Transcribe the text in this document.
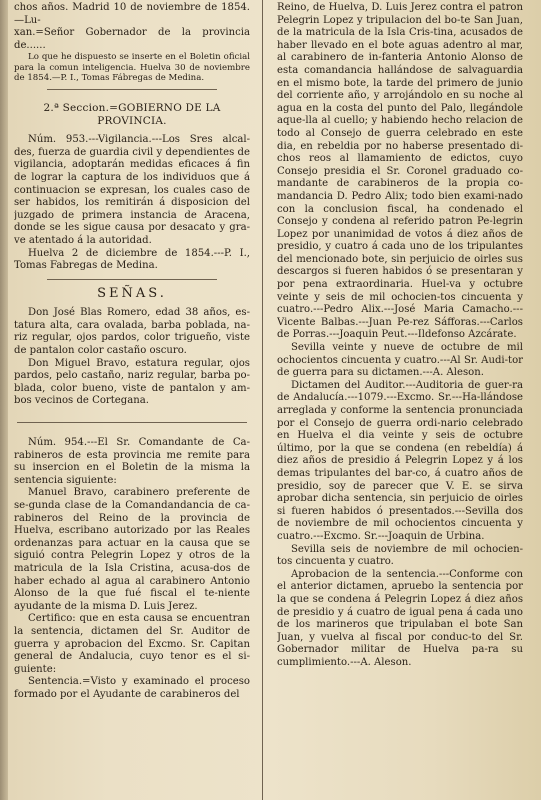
chos años. Madrid 10 de noviembre de 1854.—Lu-

xan.=Señor Gobernador de la provincia de......

Lo que he dispuesto se inserte en el Boletin oficial para la comun inteligencia. Huelva 30 de noviembre de 1854.—P. I., Tomas Fábregas de Medina.

2.ª Seccion.=GOBIERNO DE LA PROVINCIA.

Núm. 953.---Vigilancia.---Los Sres alcal-des, fuerza de guardia civil y dependientes de vigilancia, adoptarán medidas eficaces á fin de lograr la captura de los individuos que á continuacion se expresan, los cuales caso de ser habidos, los remitirán á disposicion del juzgado de primera instancia de Aracena, donde se les sigue causa por desacato y gra-ve atentado á la autoridad.

Huelva 2 de diciembre de 1854.---P. I., Tomas Fabregas de Medina.

SEÑAS.

Don José Blas Romero, edad 38 años, es-tatura alta, cara ovalada, barba poblada, na-riz regular, ojos pardos, color trigueño, viste de pantalon color castaño oscuro.

Don Miguel Bravo, estatura regular, ojos pardos, pelo castaño, nariz regular, barba po-blada, color bueno, viste de pantalon y am-bos vecinos de Cortegana.

Núm. 954.---El Sr. Comandante de Ca-rabineros de esta provincia me remite para su insercion en el Boletin de la misma la sentencia siguiente:

Manuel Bravo, carabinero preferente de se-gunda clase de la Comandandancia de ca-rabineros del Reino de la provincia de Huelva, escribano autorizado por las Reales ordenanzas para actuar en la causa que se siguió contra Pelegrin Lopez y otros de la matricula de la Isla Cristina, acusa-dos de haber echado al agua al carabinero Antonio Alonso de la que fué fiscal el te-niente ayudante de la misma D. Luis Jerez.

Certifico: que en esta causa se encuentran la sentencia, dictamen del Sr. Auditor de guerra y aprobacion del Excmo. Sr. Capitan general de Andalucia, cuyo tenor es el si-guiente:

Sentencia.=Visto y examinado el proceso formado por el Ayudante de carabineros del

Reino, de Huelva, D. Luis Jerez contra el patron Pelegrin Lopez y tripulacion del bo-te San Juan, de la matricula de la Isla Cris-tina, acusados de haber llevado en el bote aguas adentro al mar, al carabinero de in-fanteria Antonio Alonso de esta comandancia hallándose de salvaguardia en el mismo bote, la tarde del primero de junio del corriente año, y arrojándolo en su noche al agua en la costa del punto del Palo, llegándole aque-lla al cuello; y habiendo hecho relacion de todo al Consejo de guerra celebrado en este dia, en rebeldia por no haberse presentado di-chos reos al llamamiento de edictos, cuyo Consejo presidia el Sr. Coronel graduado co-mandante de carabineros de la propia co-mandancia D. Pedro Alix; todo bien exami-nado con la conclusion fiscal, ha condenado el Consejo y condena al referido patron Pe-legrin Lopez por unanimidad de votos á diez años de presidio, y cuatro á cada uno de los tripulantes del mencionado bote, sin perjuicio de oirles sus descargos si fueren habidos ó se presentaran y por pena extraordinaria. Huel-va y octubre veinte y seis de mil ochocien-tos cincuenta y cuatro.---Pedro Alix.---José Maria Camacho.---Vicente Balbas.---Juan Pe-rez Sáfforas.---Carlos de Porras.---Joaquin Peut.---Ildefonso Azcárate.

Sevilla veinte y nueve de octubre de mil ochocientos cincuenta y cuatro.---Al Sr. Audi-tor de guerra para su dictamen.---A. Aleson.

Dictamen del Auditor.---Auditoria de guer-ra de Andalucía.---1079.---Excmo. Sr.---Ha-llándose arreglada y conforme la sentencia pronunciada por el Consejo de guerra ordi-nario celebrado en Huelva el dia veinte y seis de octubre último, por la que se condena (en rebeldía) á diez años de presidio á Pelegrin Lopez y á los demas tripulantes del bar-co, á cuatro años de presidio, soy de parecer que V. E. se sirva aprobar dicha sentencia, sin perjuicio de oirles si fueren habidos ó presentados.---Sevilla dos de noviembre de mil ochocientos cincuenta y cuatro.---Excmo. Sr.---Joaquin de Urbina.

Sevilla seis de noviembre de mil ochocien-tos cincuenta y cuatro.

Aprobacion de la sentencia.---Conforme con el anterior dictamen, apruebo la sentencia por la que se condena á Pelegrin Lopez á diez años de presidio y á cuatro de igual pena á cada uno de los marineros que tripulaban el bote San Juan, y vuelva al fiscal por conduc-to del Sr. Gobernador militar de Huelva pa-ra su cumplimiento.---A. Aleson.
